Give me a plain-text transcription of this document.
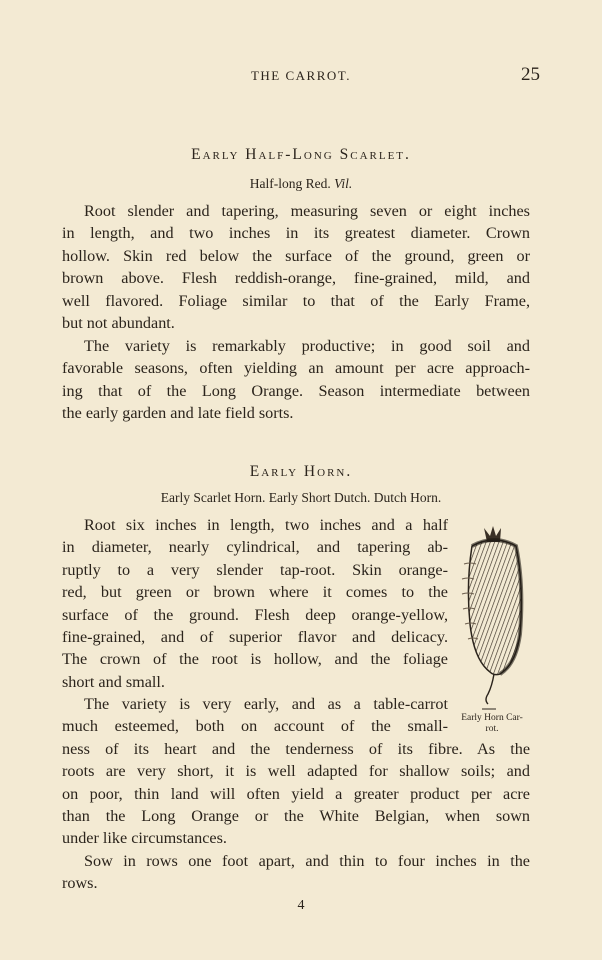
THE CARROT.	25
Early Half-Long Scarlet.
Half-long Red. Vil.
Root slender and tapering, measuring seven or eight inches
in length, and two inches in its greatest diameter. Crown
hollow. Skin red below the surface of the ground, green or
brown above. Flesh reddish-orange, fine-grained, mild, and
well flavored. Foliage similar to that of the Early Frame,
but not abundant.
The variety is remarkably productive; in good soil and
favorable seasons, often yielding an amount per acre approach-
ing that of the Long Orange. Season intermediate between
the early garden and late field sorts.
Early Horn.
Early Scarlet Horn. Early Short Dutch. Dutch Horn.
Root six inches in length, two inches and a half
in diameter, nearly cylindrical, and tapering ab-
ruptly to a very slender tap-root. Skin orange-
red, but green or brown where it comes to the
surface of the ground. Flesh deep orange-yellow,
fine-grained, and of superior flavor and delicacy.
The crown of the root is hollow, and the foliage
short and small.
The variety is very early, and as a table-carrot
much esteemed, both on account of the small-
ness of its heart and the tenderness of its fibre. As the
roots are very short, it is well adapted for shallow soils; and
on poor, thin land will often yield a greater product per acre
than the Long Orange or the White Belgian, when sown
under like circumstances.
Sow in rows one foot apart, and thin to four inches in the
rows.
Early Horn Car-
rot.
4
